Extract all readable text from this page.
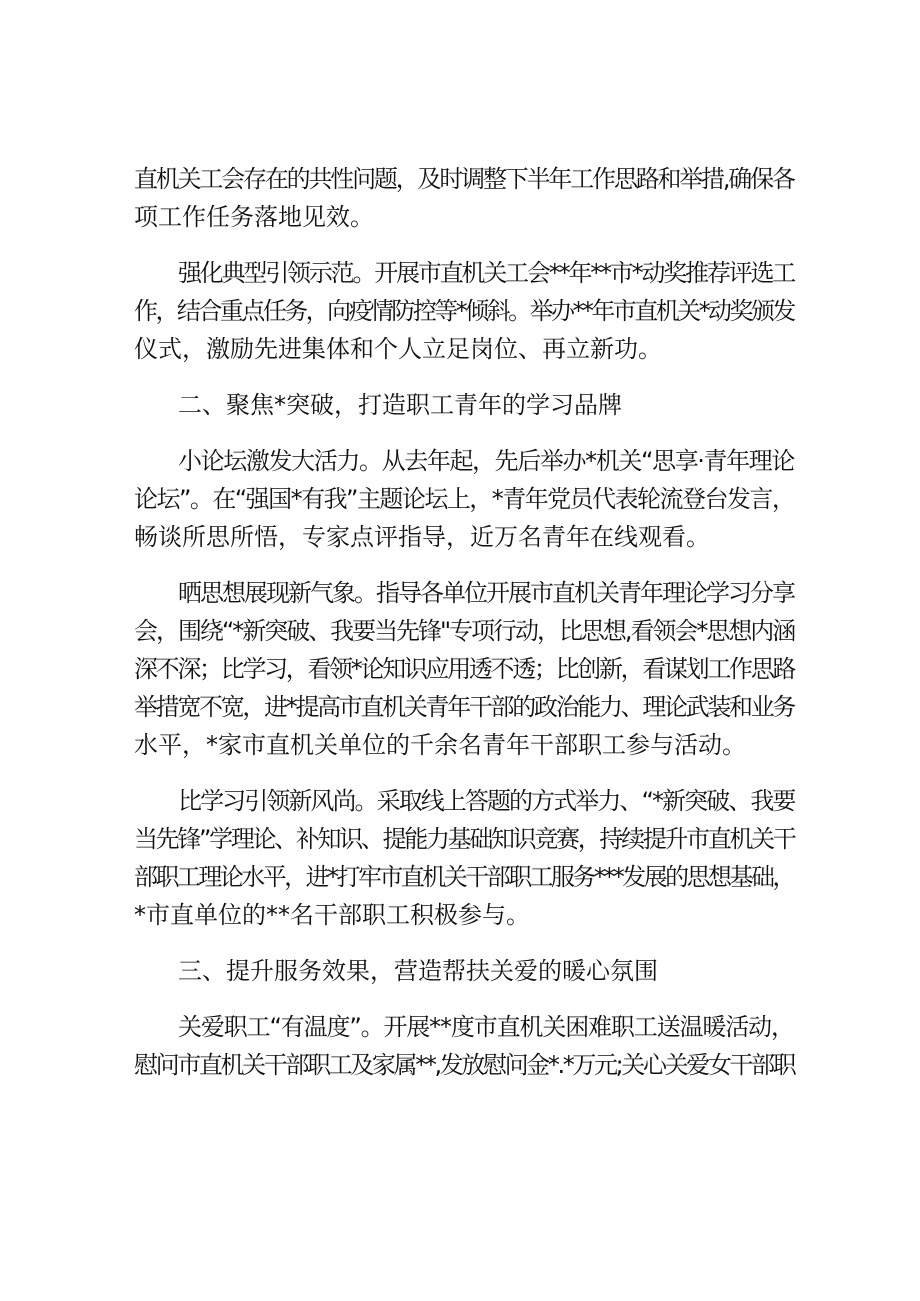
直机关工会存在的共性问题，及时调整下半年工作思路和举措,确保各
项工作任务落地见效。
强化典型引领示范。开展市直机关工会**年**市*动奖推荐评选工
作，结合重点任务，向疫情防控等*倾斜。举办**年市直机关*动奖颁发
仪式，激励先进集体和个人立足岗位、再立新功。
二、聚焦*突破，打造职工青年的学习品牌
小论坛激发大活力。从去年起，先后举办*机关“思享·青年理论
论坛”。在“强国*有我”主题论坛上，*青年党员代表轮流登台发言，
畅谈所思所悟，专家点评指导，近万名青年在线观看。
晒思想展现新气象。指导各单位开展市直机关青年理论学习分享
会，围绕“*新突破、我要当先锋''专项行动，比思想,看领会*思想内涵
深不深；比学习，看领*论知识应用透不透；比创新，看谋划工作思路
举措宽不宽，进*提高市直机关青年干部的政治能力、理论武装和业务
水平，*家市直机关单位的千余名青年干部职工参与活动。
比学习引领新风尚。采取线上答题的方式举力、“*新突破、我要
当先锋”学理论、补知识、提能力基础知识竞赛，持续提升市直机关干
部职工理论水平，进*打牢市直机关干部职工服务***发展的思想基础，
*市直单位的**名干部职工积极参与。
三、提升服务效果，营造帮扶关爱的暖心氛围
关爱职工“有温度”。开展**度市直机关困难职工送温暖活动，
慰问市直机关干部职工及家属**,发放慰问金*.*万元;关心关爱女干部职
